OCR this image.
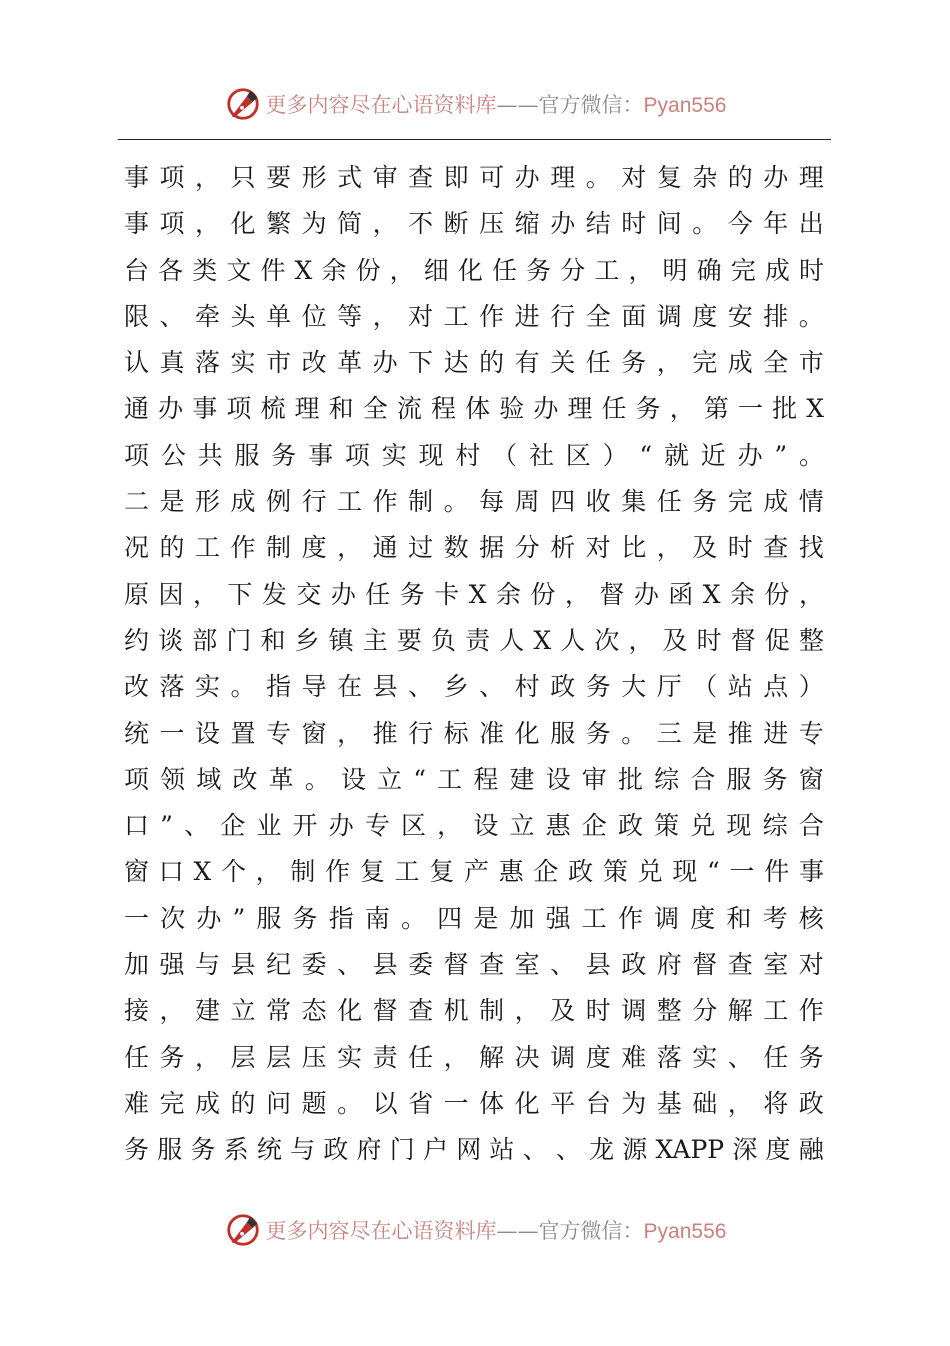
更多内容尽在心语资料库——官方微信：Pyan556
事 项 ， 只 要 形 式 审 查 即 可 办 理 。 对 复 杂 的 办 理
事 项 ， 化 繁 为 简 ， 不 断 压 缩 办 结 时 间 。 今 年 出
台 各 类 文 件 X 余 份 ， 细 化 任 务 分 工 ， 明 确 完 成 时
限 、 牵 头 单 位 等 ， 对 工 作 进 行 全 面 调 度 安 排 。
认 真 落 实 市 改 革 办 下 达 的 有 关 任 务 ， 完 成 全 市
通 办 事 项 梳 理 和 全 流 程 体 验 办 理 任 务 ， 第 一 批 X
项 公 共 服 务 事 项 实 现 村 （ 社 区 ） “ 就 近 办 ” 。
二 是 形 成 例 行 工 作 制 。 每 周 四 收 集 任 务 完 成 情
况 的 工 作 制 度 ， 通 过 数 据 分 析 对 比 ， 及 时 查 找
原 因 ， 下 发 交 办 任 务 卡 X 余 份 ， 督 办 函 X 余 份 ，
约 谈 部 门 和 乡 镇 主 要 负 责 人 X 人 次 ， 及 时 督 促 整
改 落 实 。 指 导 在 县 、 乡 、 村 政 务 大 厅 （ 站 点 ）
统 一 设 置 专 窗 ， 推 行 标 准 化 服 务 。 三 是 推 进 专
项 领 域 改 革 。 设 立 “ 工 程 建 设 审 批 综 合 服 务 窗
口 ” 、 企 业 开 办 专 区 ， 设 立 惠 企 政 策 兑 现 综 合
窗 口 X 个 ， 制 作 复 工 复 产 惠 企 政 策 兑 现 “ 一 件 事
一 次 办 ” 服 务 指 南 。 四 是 加 强 工 作 调 度 和 考 核
加 强 与 县 纪 委 、 县 委 督 查 室 、 县 政 府 督 查 室 对
接 ， 建 立 常 态 化 督 查 机 制 ， 及 时 调 整 分 解 工 作
任 务 ， 层 层 压 实 责 任 ， 解 决 调 度 难 落 实 、 任 务
难 完 成 的 问 题 。 以 省 一 体 化 平 台 为 基 础 ， 将 政
务 服 务 系 统 与 政 府 门 户 网 站 、 、 龙 源 XAPP 深 度 融
更多内容尽在心语资料库——官方微信：Pyan556
